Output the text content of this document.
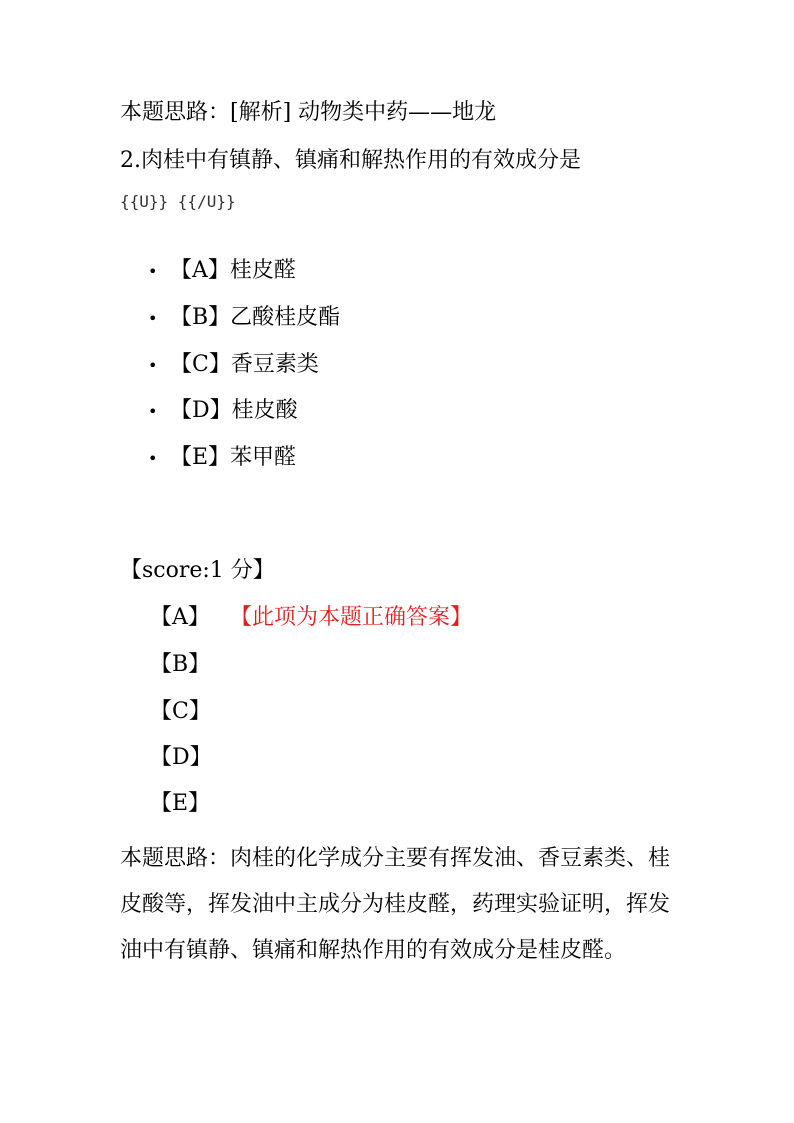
本题思路：[解析] 动物类中药——地龙
2.肉桂中有镇静、镇痛和解热作用的有效成分是
{{U}} {{/U}}
• 【A】桂皮醛
• 【B】乙酸桂皮酯
• 【C】香豆素类
• 【D】桂皮酸
• 【E】苯甲醛
【score:1 分】
【A】 【此项为本题正确答案】
【B】
【C】
【D】
【E】

本题思路：肉桂的化学成分主要有挥发油、香豆素类、桂皮酸等，挥发油中主成分为桂皮醛，药理实验证明，挥发油中有镇静、镇痛和解热作用的有效成分是桂皮醛。
